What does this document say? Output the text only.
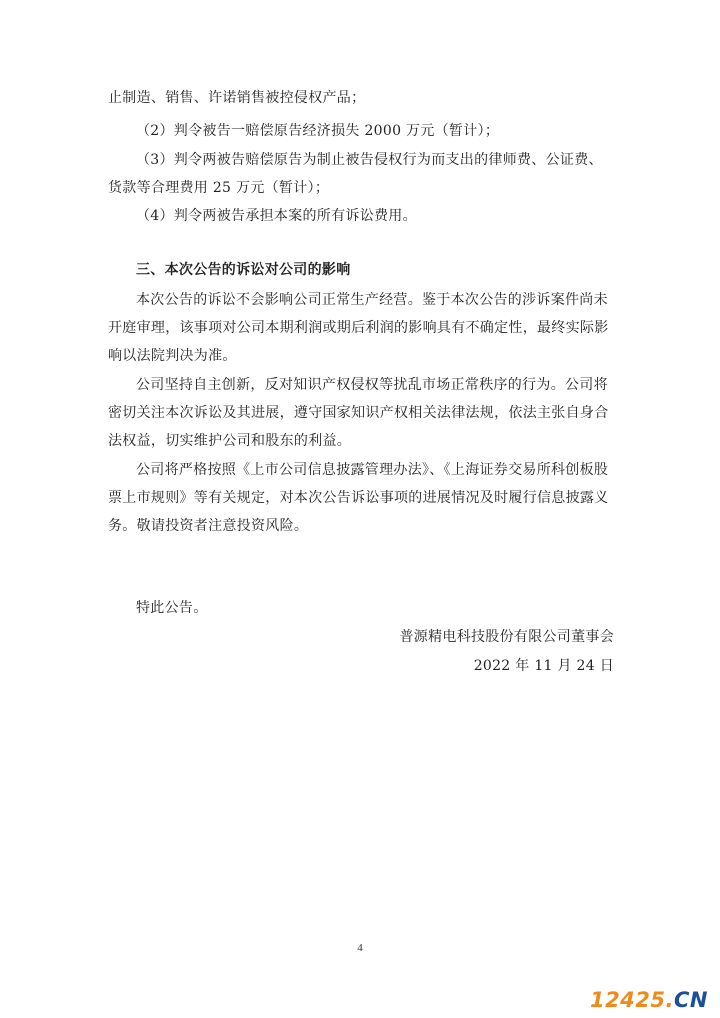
止制造、销售、许诺销售被控侵权产品；
（2）判令被告一赔偿原告经济损失 2000 万元（暂计）；
（3）判令两被告赔偿原告为制止被告侵权行为而支出的律师费、公证费、
货款等合理费用 25 万元（暂计）；
（4）判令两被告承担本案的所有诉讼费用。
三、本次公告的诉讼对公司的影响
本次公告的诉讼不会影响公司正常生产经营。鉴于本次公告的涉诉案件尚未
开庭审理，该事项对公司本期利润或期后利润的影响具有不确定性，最终实际影
响以法院判决为准。
公司坚持自主创新，反对知识产权侵权等扰乱市场正常秩序的行为。公司将
密切关注本次诉讼及其进展，遵守国家知识产权相关法律法规，依法主张自身合
法权益，切实维护公司和股东的利益。
公司将严格按照《上市公司信息披露管理办法》、《上海证券交易所科创板股
票上市规则》等有关规定，对本次公告诉讼事项的进展情况及时履行信息披露义
务。敬请投资者注意投资风险。
特此公告。
普源精电科技股份有限公司董事会
2022 年 11 月 24 日
4
12425.CN
